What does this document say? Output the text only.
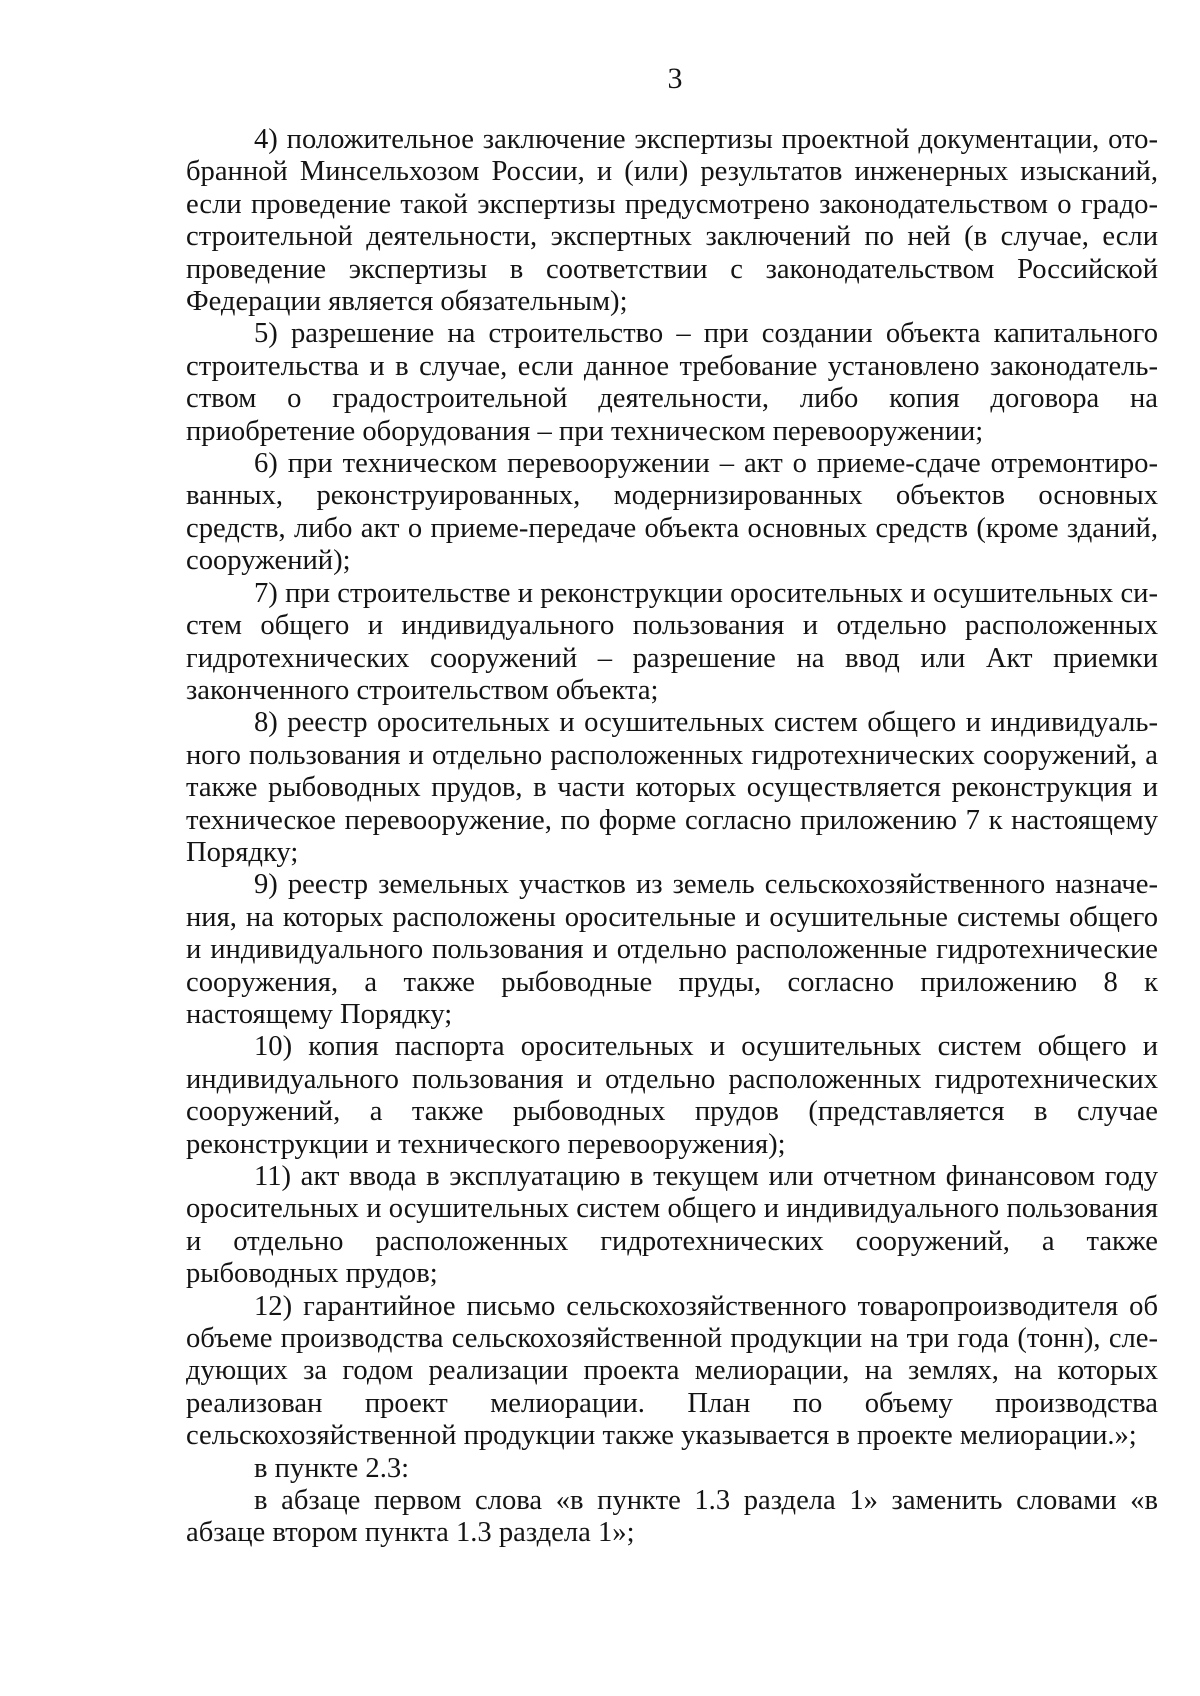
3

4) положительное заключение экспертизы проектной документации, отобранной Минсельхозом России, и (или) результатов инженерных изысканий, если проведение такой экспертизы предусмотрено законодательством о градостроительной деятельности, экспертных заключений по ней (в случае, если проведение экспертизы в соответствии с законодательством Российской Федерации является обязательным);

5) разрешение на строительство – при создании объекта капитального строительства и в случае, если данное требование установлено законодательством о градостроительной деятельности, либо копия договора на приобретение оборудования – при техническом перевооружении;

6) при техническом перевооружении – акт о приеме-сдаче отремонтированных, реконструированных, модернизированных объектов основных средств, либо акт о приеме-передаче объекта основных средств (кроме зданий, сооружений);

7) при строительстве и реконструкции оросительных и осушительных систем общего и индивидуального пользования и отдельно расположенных гидротехнических сооружений – разрешение на ввод или Акт приемки законченного строительством объекта;

8) реестр оросительных и осушительных систем общего и индивидуального пользования и отдельно расположенных гидротехнических сооружений, а также рыбоводных прудов, в части которых осуществляется реконструкция и техническое перевооружение, по форме согласно приложению 7 к настоящему Порядку;

9) реестр земельных участков из земель сельскохозяйственного назначения, на которых расположены оросительные и осушительные системы общего и индивидуального пользования и отдельно расположенные гидротехнические сооружения, а также рыбоводные пруды, согласно приложению 8 к настоящему Порядку;

10) копия паспорта оросительных и осушительных систем общего и индивидуального пользования и отдельно расположенных гидротехнических сооружений, а также рыбоводных прудов (представляется в случае реконструкции и технического перевооружения);

11) акт ввода в эксплуатацию в текущем или отчетном финансовом году оросительных и осушительных систем общего и индивидуального пользования и отдельно расположенных гидротехнических сооружений, а также рыбоводных прудов;

12) гарантийное письмо сельскохозяйственного товаропроизводителя об объеме производства сельскохозяйственной продукции на три года (тонн), следующих за годом реализации проекта мелиорации, на землях, на которых реализован проект мелиорации. План по объему производства сельскохозяйственной продукции также указывается в проекте мелиорации.»;

в пункте 2.3:

в абзаце первом слова «в пункте 1.3 раздела 1» заменить словами «в абзаце втором пункта 1.3 раздела 1»;
